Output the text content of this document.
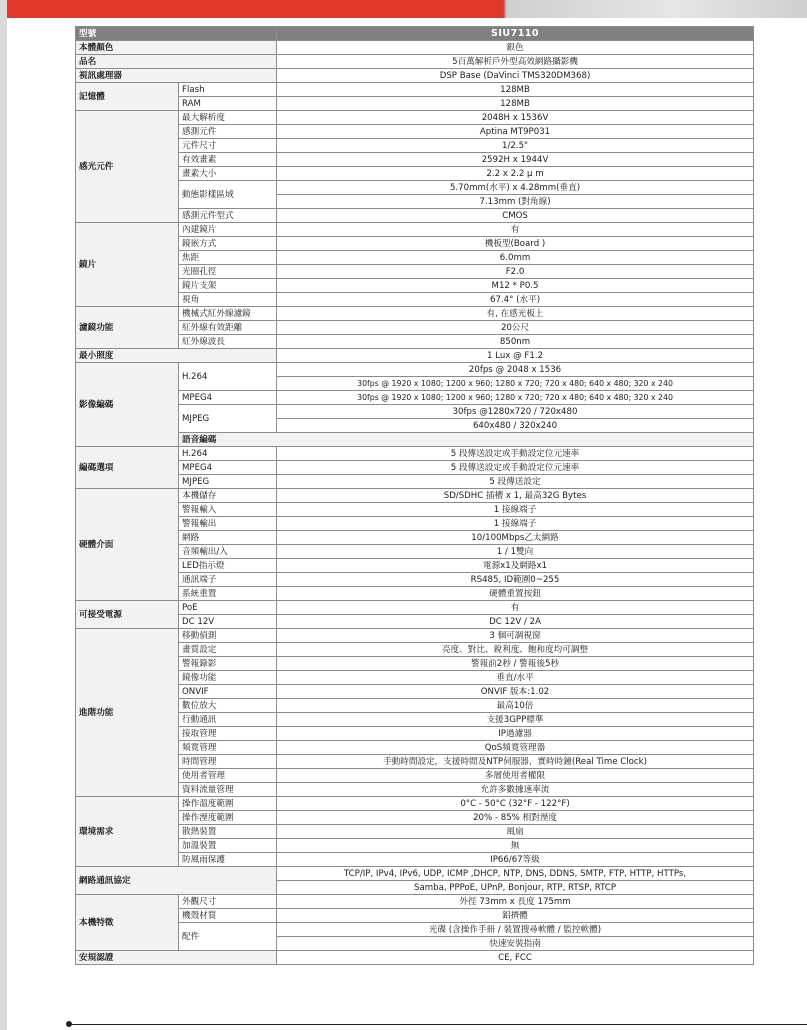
型號		SIU7110	
本體顏色		銀色	
品名		5百萬解析戶外型高效網路攝影機	
視訊處理器		DSP Base (DaVinci TMS320DM368)	
記憶體	Flash	128MB	
	RAM	128MB	
感光元件	最大解析度	2048H x 1536V	
	感測元件	Aptina MT9P031	
	元件尺寸	1/2.5"	
	有效畫素	2592H x 1944V	
	畫素大小	2.2 x 2.2 μ m	
	動態影樣區域	5.70mm(水平) x 4.28mm(垂直)	
		7.13mm (對角線)	
	感測元件型式	CMOS	
鏡片	內建鏡片	有	
	鏡嵌方式	機板型(Board )	
	焦距	6.0mm	
	光圈孔徑	F2.0	
	鏡片支架	M12 * P0.5	
	視角	67.4° (水平)	
濾鏡功能	機械式紅外線濾鏡	有, 在感光板上	
	紅外線有效距離	20公尺	
	紅外線波長	850nm	
最小照度		1 Lux @ F1.2	
影像編碼	H.264	20fps @ 2048 x 1536	
		30fps @ 1920 x 1080; 1200 x 960; 1280 x 720; 720 x 480; 640 x 480; 320 x 240	
	MPEG4	30fps @ 1920 x 1080; 1200 x 960; 1280 x 720; 720 x 480; 640 x 480; 320 x 240	
	MJPEG	30fps @1280x720 / 720x480	
		640x480 / 320x240	
	語音編碼	
編碼選項	H.264	5 段傳送設定或手動設定位元速率	
	MPEG4	5 段傳送設定或手動設定位元速率	
	MJPEG	5 段傳送設定	
硬體介面	本機儲存	SD/SDHC 插槽 x 1, 最高32G Bytes	
	警報輸入	1 接線端子	
	警報輸出	1 接線端子	
	網路	10/100Mbps乙太網路	
	音頻輸出/入	1 / 1雙向	
	LED指示燈	電源x1及網路x1	
	通訊端子	RS485, ID範圍0~255	
	系統重置	硬體重置按鈕	
可接受電源	PoE	有	
	DC 12V	DC 12V / 2A	
進階功能	移動偵測	3 個可調視窗	
	畫質設定	亮度、對比、銳利度、飽和度均可調整	
	警報錄影	警報前2秒 / 警報後5秒	
	鏡像功能	垂直/水平	
	ONVIF	ONVIF 版本:1.02	
	數位放大	最高10倍	
	行動通訊	支援3GPP標準	
	接取管理	IP過濾器	
	頻寬管理	QoS頻寬管理器	
	時間管理	手動時間設定，支援時間及NTP伺服器，實時時鐘(Real Time Clock)	
	使用者管理	多層使用者權限	
	資料流量管理	允許多數據速率流	
環境需求	操作溫度範圍	0°C - 50°C (32°F - 122°F)	
	操作溼度範圍	20% - 85% 相對溼度	
	散熱裝置	風扇	
	加溫裝置	無	
	防風雨保護	IP66/67等級	
網路通訊協定		TCP/IP, IPv4, IPv6, UDP, ICMP ,DHCP, NTP, DNS, DDNS, SMTP, FTP, HTTP, HTTPs,	
		Samba, PPPoE, UPnP, Bonjour, RTP, RTSP, RTCP	
本機特徵	外觀尺寸	外徑 73mm x 長度 175mm	
	機殼材質	鋁擠體	
	配件	光碟 (含操作手冊 / 裝置搜尋軟體 / 監控軟體)	
		快速安裝指南	
安規認證		CE, FCC	
